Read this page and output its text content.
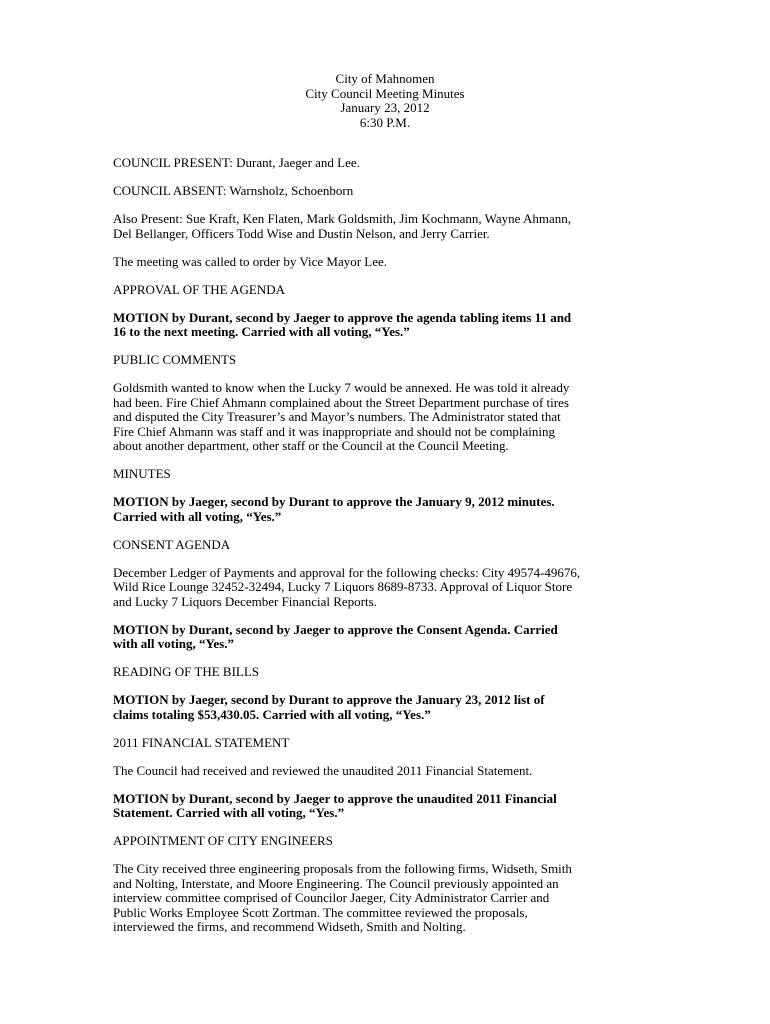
City of Mahnomen
City Council Meeting Minutes
January 23, 2012
6:30 P.M.

COUNCIL PRESENT: Durant, Jaeger and Lee.

COUNCIL ABSENT: Warnsholz, Schoenborn

Also Present: Sue Kraft, Ken Flaten, Mark Goldsmith, Jim Kochmann, Wayne Ahmann,
Del Bellanger, Officers Todd Wise and Dustin Nelson, and Jerry Carrier.

The meeting was called to order by Vice Mayor Lee.

APPROVAL OF THE AGENDA

MOTION by Durant, second by Jaeger to approve the agenda tabling items 11 and
16 to the next meeting. Carried with all voting, “Yes.”

PUBLIC COMMENTS

Goldsmith wanted to know when the Lucky 7 would be annexed. He was told it already
had been. Fire Chief Ahmann complained about the Street Department purchase of tires
and disputed the City Treasurer’s and Mayor’s numbers. The Administrator stated that
Fire Chief Ahmann was staff and it was inappropriate and should not be complaining
about another department, other staff or the Council at the Council Meeting.

MINUTES

MOTION by Jaeger, second by Durant to approve the January 9, 2012 minutes.
Carried with all voting, “Yes.”

CONSENT AGENDA

December Ledger of Payments and approval for the following checks: City 49574-49676,
Wild Rice Lounge 32452-32494, Lucky 7 Liquors 8689-8733. Approval of Liquor Store
and Lucky 7 Liquors December Financial Reports.

MOTION by Durant, second by Jaeger to approve the Consent Agenda. Carried
with all voting, “Yes.”

READING OF THE BILLS

MOTION by Jaeger, second by Durant to approve the January 23, 2012 list of
claims totaling $53,430.05. Carried with all voting, “Yes.”

2011 FINANCIAL STATEMENT

The Council had received and reviewed the unaudited 2011 Financial Statement.

MOTION by Durant, second by Jaeger to approve the unaudited 2011 Financial
Statement. Carried with all voting, “Yes.”

APPOINTMENT OF CITY ENGINEERS

The City received three engineering proposals from the following firms, Widseth, Smith
and Nolting, Interstate, and Moore Engineering. The Council previously appointed an
interview committee comprised of Councilor Jaeger, City Administrator Carrier and
Public Works Employee Scott Zortman. The committee reviewed the proposals,
interviewed the firms, and recommend Widseth, Smith and Nolting.
